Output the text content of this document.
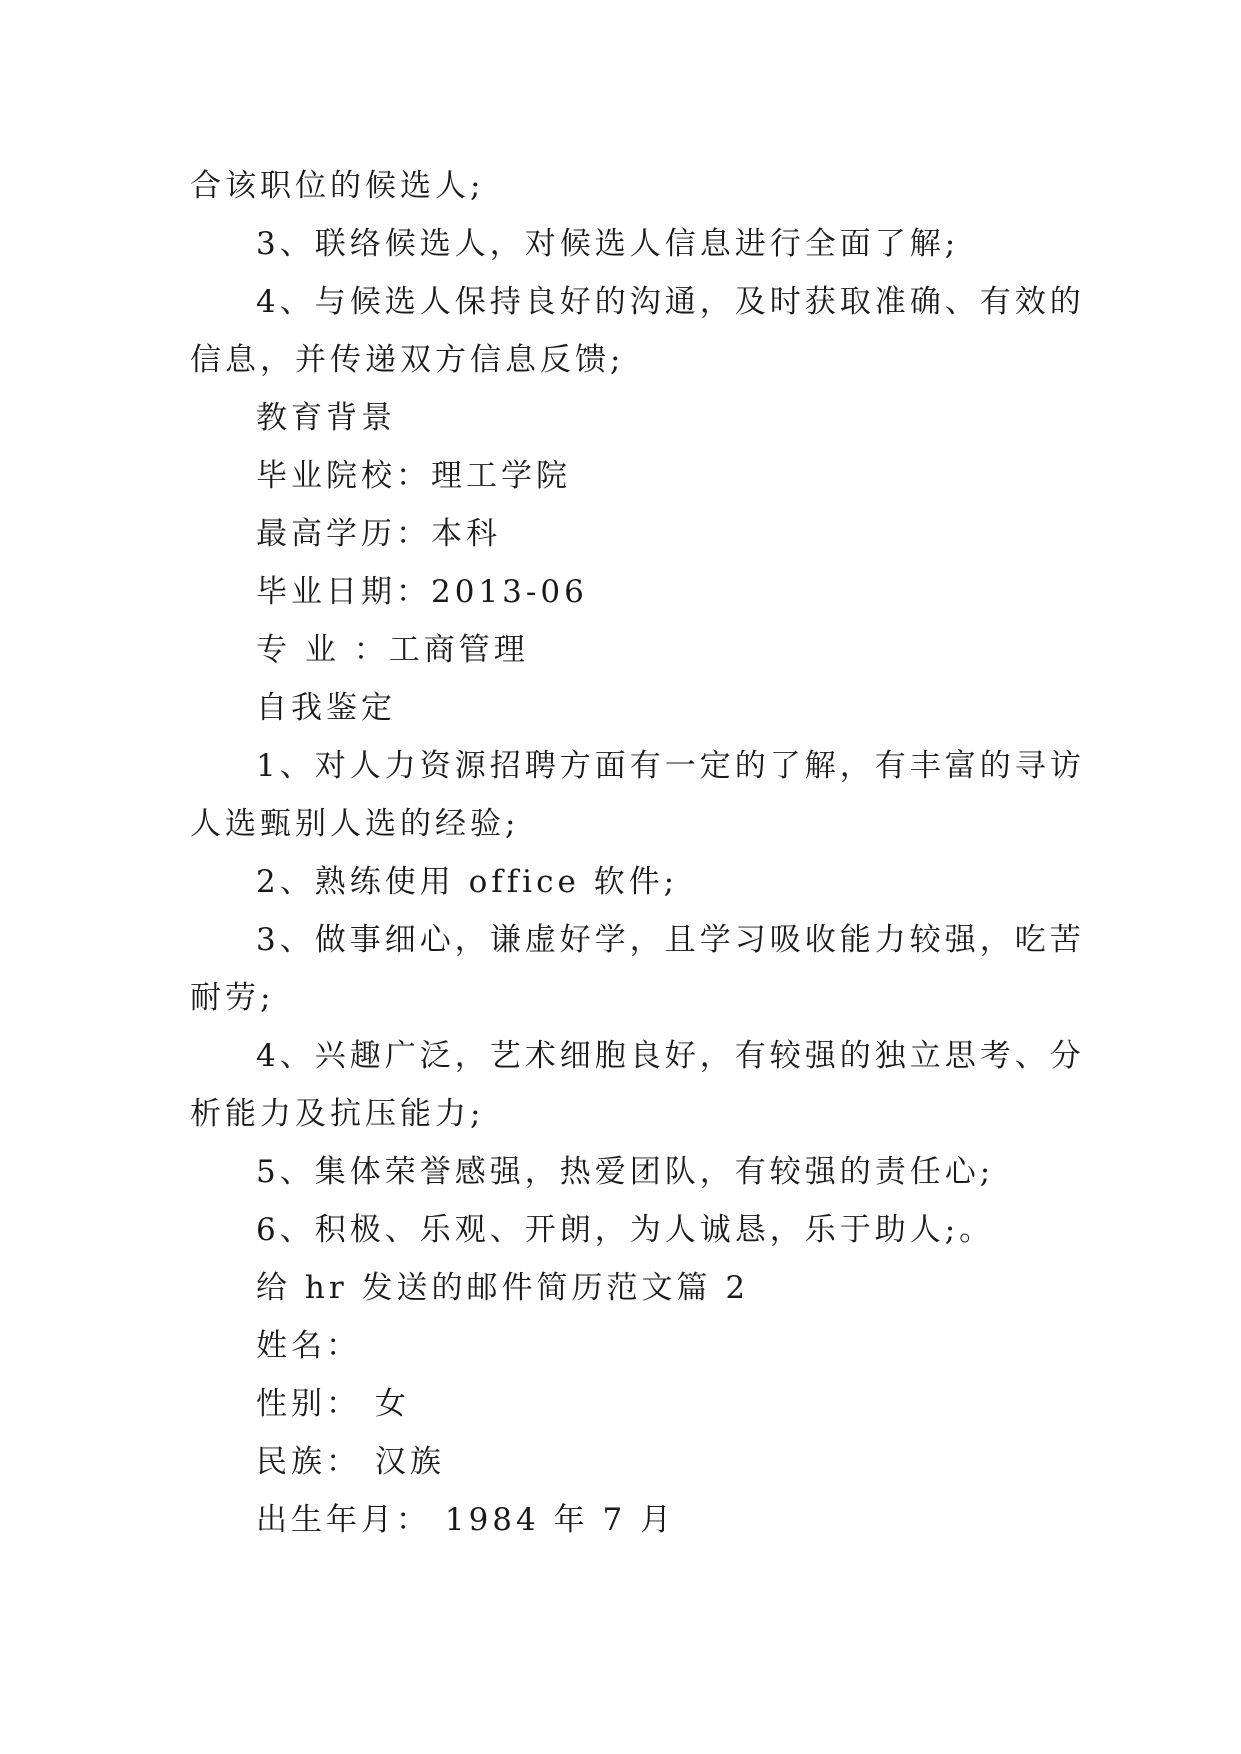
合该职位的候选人;
3、联络候选人，对候选人信息进行全面了解;
4、与候选人保持良好的沟通，及时获取准确、有效的
信息，并传递双方信息反馈;
教育背景
毕业院校：理工学院
最高学历：本科
毕业日期：2013-06
专 业 ：工商管理
自我鉴定
1、对人力资源招聘方面有一定的了解，有丰富的寻访
人选甄别人选的经验;
2、熟练使用 office 软件;
3、做事细心，谦虚好学，且学习吸收能力较强，吃苦
耐劳;
4、兴趣广泛，艺术细胞良好，有较强的独立思考、分
析能力及抗压能力;
5、集体荣誉感强，热爱团队，有较强的责任心;
6、积极、乐观、开朗，为人诚恳，乐于助人;。
给 hr 发送的邮件简历范文篇 2
姓名：
性别： 女
民族： 汉族
出生年月： 1984 年 7 月
